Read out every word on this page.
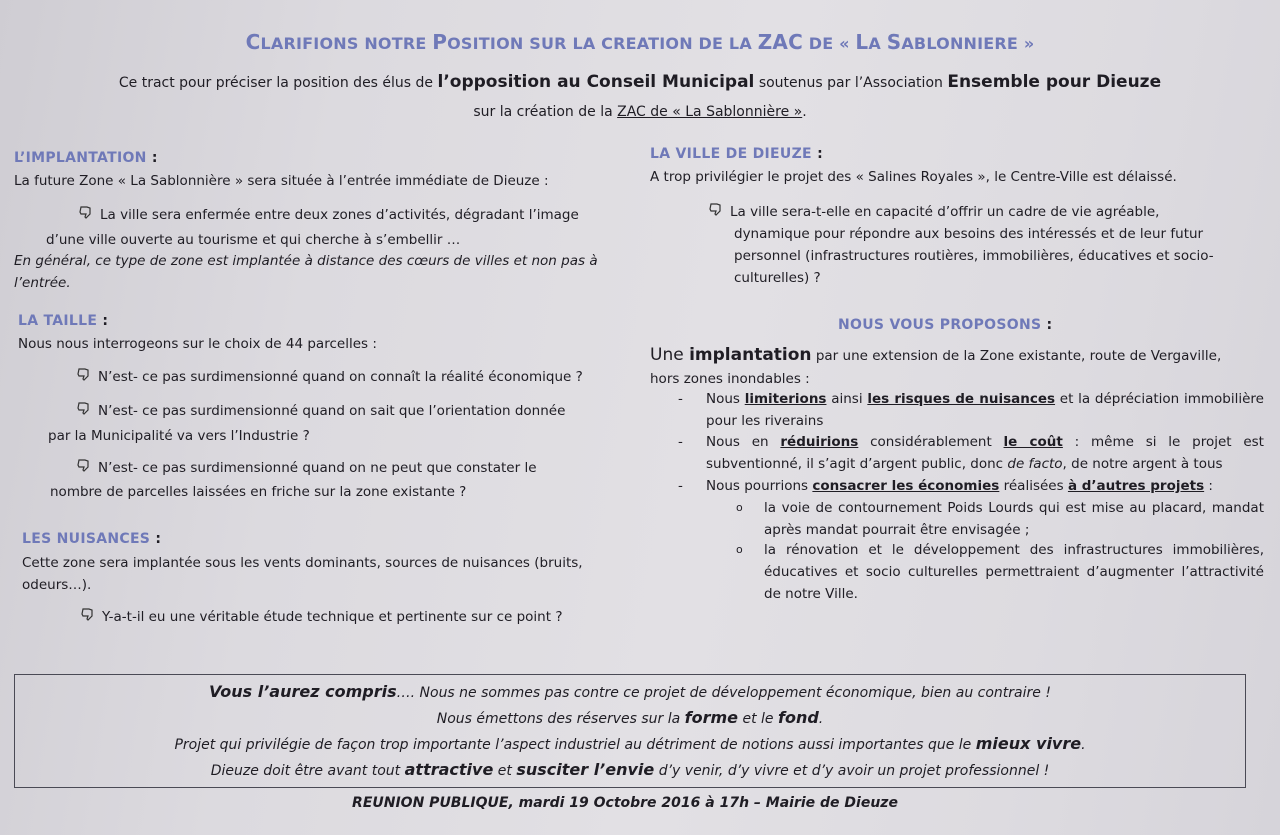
CLARIFIONS NOTRE POSITION SUR LA CREATION DE LA ZAC DE « LA SABLONNIERE »
Ce tract pour préciser la position des élus de l’opposition au Conseil Municipal soutenus par l’Association Ensemble pour Dieuze
sur la création de la ZAC de « La Sablonnière ».
L’IMPLANTATION :
La future Zone « La Sablonnière » sera située à l’entrée immédiate de Dieuze :
La ville sera enfermée entre deux zones d’activités, dégradant l’image
d’une ville ouverte au tourisme et qui cherche à s’embellir …
En général, ce type de zone est implantée à distance des cœurs de villes et non pas à l’entrée.
LA TAILLE :
Nous nous interrogeons sur le choix de 44 parcelles :
N’est- ce pas surdimensionné quand on connaît la réalité économique ?
N’est- ce pas surdimensionné quand on sait que l’orientation donnée
par la Municipalité va vers l’Industrie ?
N’est- ce pas surdimensionné quand on ne peut que constater le
nombre de parcelles laissées en friche sur la zone existante ?
LES NUISANCES :
Cette zone sera implantée sous les vents dominants, sources de nuisances (bruits, odeurs…).
Y-a-t-il eu une véritable étude technique et pertinente sur ce point ?
LA VILLE DE DIEUZE :
A trop privilégier le projet des « Salines Royales », le Centre-Ville est délaissé.
La ville sera-t-elle en capacité d’offrir un cadre de vie agréable,
dynamique pour répondre aux besoins des intéressés et de leur futur personnel (infrastructures routières, immobilières, éducatives et socio-culturelles) ?
NOUS VOUS PROPOSONS :
Une implantation par une extension de la Zone existante, route de Vergaville,
hors zones inondables :
- Nous limiterions ainsi les risques de nuisances et la dépréciation immobilière pour les riverains
- Nous en réduirions considérablement le coût : même si le projet est subventionné, il s’agit d’argent public, donc de facto, de notre argent à tous
- Nous pourrions consacrer les économies réalisées à d’autres projets :
o la voie de contournement Poids Lourds qui est mise au placard, mandat après mandat pourrait être envisagée ;
o la rénovation et le développement des infrastructures immobilières, éducatives et socio culturelles permettraient d’augmenter l’attractivité de notre Ville.
Vous l’aurez compris…. Nous ne sommes pas contre ce projet de développement économique, bien au contraire !
Nous émettons des réserves sur la forme et le fond.
Projet qui privilégie de façon trop importante l’aspect industriel au détriment de notions aussi importantes que le mieux vivre.
Dieuze doit être avant tout attractive et susciter l’envie d’y venir, d’y vivre et d’y avoir un projet professionnel !
REUNION PUBLIQUE, mardi 19 Octobre 2016 à 17h – Mairie de Dieuze
